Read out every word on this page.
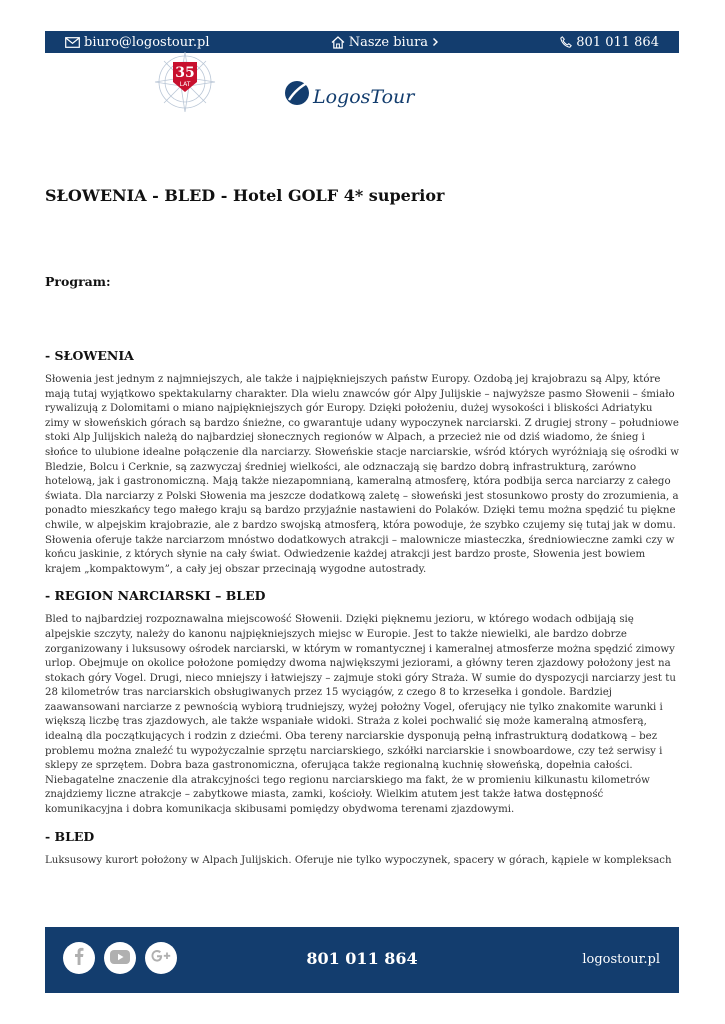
biuro@logostour.pl	Nasze biura	801 011 864
35
LAT
LogosTour
SŁOWENIA - BLED - Hotel GOLF 4* superior
Program:
- SŁOWENIA

Słowenia jest jednym z najmniejszych, ale także i najpiękniejszych państw Europy. Ozdobą jej krajobrazu są Alpy, które mają tutaj wyjątkowo spektakularny charakter. Dla wielu znawców gór Alpy Julijskie – najwyższe pasmo Słowenii – śmiało rywalizują z Dolomitami o miano najpiękniejszych gór Europy. Dzięki położeniu, dużej wysokości i bliskości Adriatyku zimy w słoweńskich górach są bardzo śnieżne, co gwarantuje udany wypoczynek narciarski. Z drugiej strony – południowe stoki Alp Julijskich należą do najbardziej słonecznych regionów w Alpach, a przecież nie od dziś wiadomo, że śnieg i słońce to ulubione idealne połączenie dla narciarzy. Słoweńskie stacje narciarskie, wśród których wyróżniają się ośrodki w Bledzie, Bolcu i Cerknie, są zazwyczaj średniej wielkości, ale odznaczają się bardzo dobrą infrastrukturą, zarówno hotelową, jak i gastronomiczną. Mają także niezapomnianą, kameralną atmosferę, która podbija serca narciarzy z całego świata. Dla narciarzy z Polski Słowenia ma jeszcze dodatkową zaletę – słoweński jest stosunkowo prosty do zrozumienia, a ponadto mieszkańcy tego małego kraju są bardzo przyjaźnie nastawieni do Polaków. Dzięki temu można spędzić tu piękne chwile, w alpejskim krajobrazie, ale z bardzo swojską atmosferą, która powoduje, że szybko czujemy się tutaj jak w domu. Słowenia oferuje także narciarzom mnóstwo dodatkowych atrakcji – malownicze miasteczka, średniowieczne zamki czy w końcu jaskinie, z których słynie na cały świat. Odwiedzenie każdej atrakcji jest bardzo proste, Słowenia jest bowiem krajem „kompaktowym”, a cały jej obszar przecinają wygodne autostrady.

- REGION NARCIARSKI – BLED

Bled to najbardziej rozpoznawalna miejscowość Słowenii. Dzięki pięknemu jezioru, w którego wodach odbijają się alpejskie szczyty, należy do kanonu najpiękniejszych miejsc w Europie. Jest to także niewielki, ale bardzo dobrze zorganizowany i luksusowy ośrodek narciarski, w którym w romantycznej i kameralnej atmosferze można spędzić zimowy urlop. Obejmuje on okolice położone pomiędzy dwoma największymi jeziorami, a główny teren zjazdowy położony jest na stokach góry Vogel. Drugi, nieco mniejszy i łatwiejszy – zajmuje stoki góry Straża. W sumie do dyspozycji narciarzy jest tu 28 kilometrów tras narciarskich obsługiwanych przez 15 wyciągów, z czego 8 to krzesełka i gondole. Bardziej zaawansowani narciarze z pewnością wybiorą trudniejszy, wyżej położny Vogel, oferujący nie tylko znakomite warunki i większą liczbę tras zjazdowych, ale także wspaniałe widoki. Straża z kolei pochwalić się może kameralną atmosferą, idealną dla początkujących i rodzin z dziećmi. Oba tereny narciarskie dysponują pełną infrastrukturą dodatkową – bez problemu można znaleźć tu wypożyczalnie sprzętu narciarskiego, szkółki narciarskie i snowboardowe, czy też serwisy i sklepy ze sprzętem. Dobra baza gastronomiczna, oferująca także regionalną kuchnię słoweńską, dopełnia całości. Niebagatelne znaczenie dla atrakcyjności tego regionu narciarskiego ma fakt, że w promieniu kilkunastu kilometrów znajdziemy liczne atrakcje – zabytkowe miasta, zamki, kościoły. Wielkim atutem jest także łatwa dostępność komunikacyjna i dobra komunikacja skibusami pomiędzy obydwoma terenami zjazdowymi.

- BLED

Luksusowy kurort położony w Alpach Julijskich. Oferuje nie tylko wypoczynek, spacery w górach, kąpiele w kompleksach

801 011 864	logostour.pl
